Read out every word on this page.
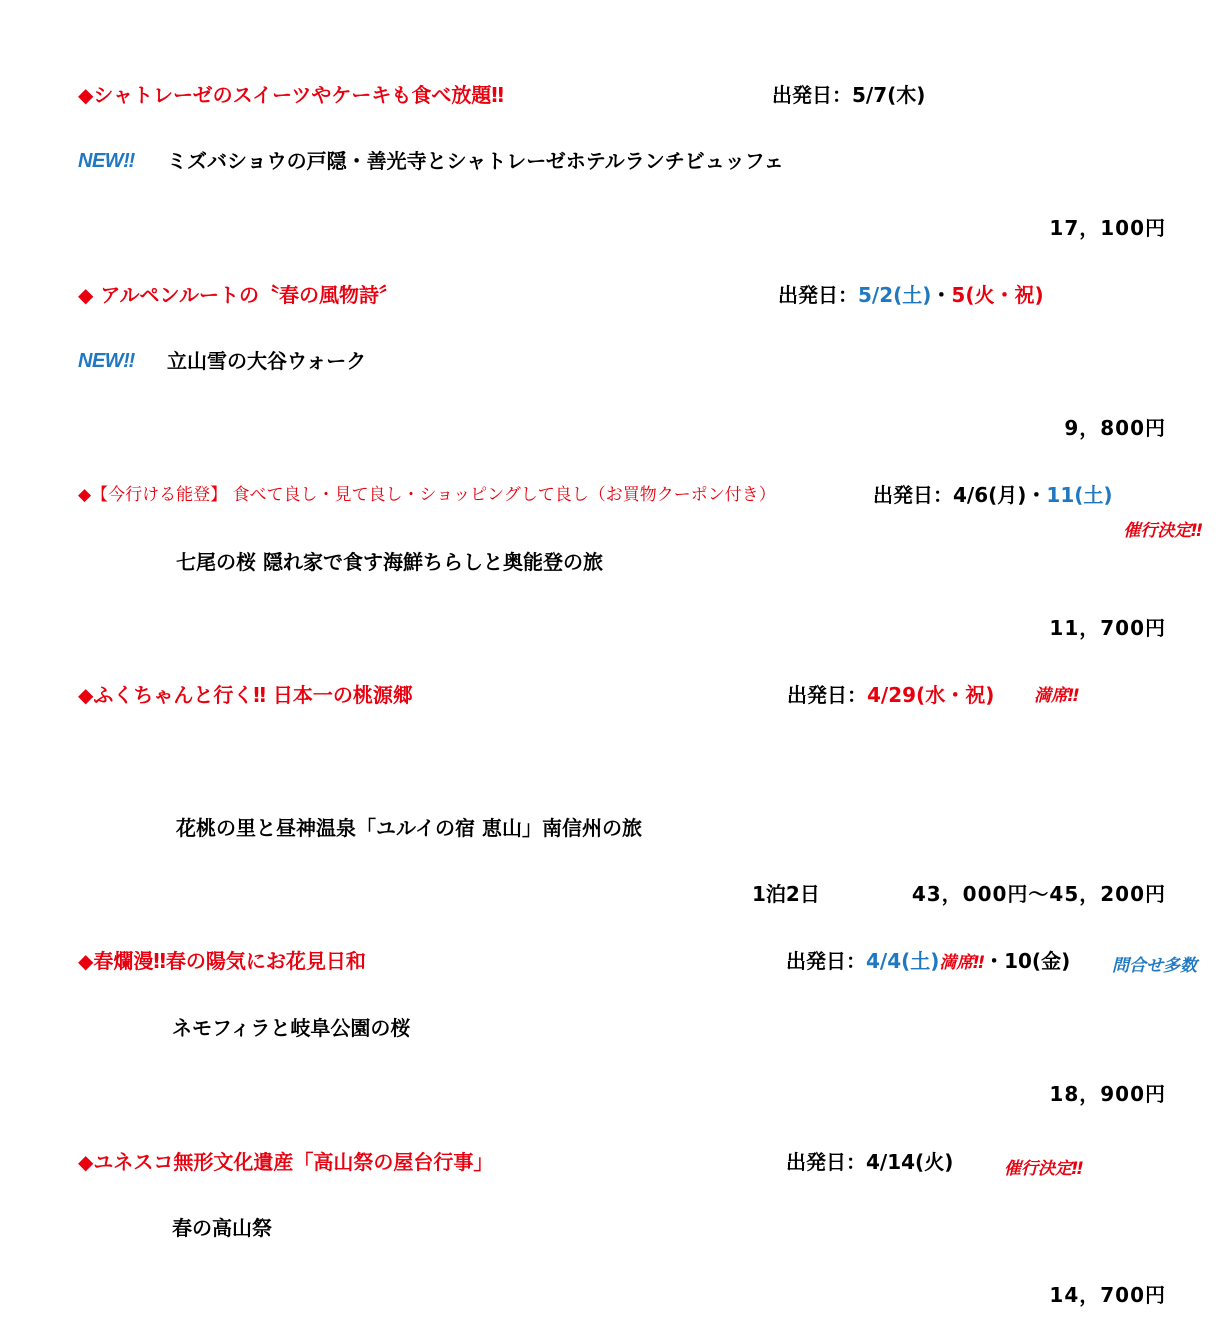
◆シャトレーゼのスイーツやケーキも食べ放題‼	出発日：5/7(木)
NEW‼ ミズバショウの戸隠・善光寺とシャトレーゼホテルランチビュッフェ
17，100円
◆ アルペンルートの〝春の風物詩〞	出発日：5/2(土)・5(火・祝)
NEW‼ 立山雪の大谷ウォーク
9，800円
◆【今行ける能登】 食べて良し・見て良し・ショッピングして良し（お買物クーポン付き）	出発日：4/6(月)・11(土)
催行決定‼
七尾の桜 隠れ家で食す海鮮ちらしと奥能登の旅
11，700円
◆ふくちゃんと行く‼ 日本一の桃源郷	出発日：4/29(水・祝) 満席‼
花桃の里と昼神温泉「ユルイの宿 恵山」南信州の旅
1泊2日	43，000円～45，200円
◆春爛漫‼春の陽気にお花見日和	出発日：4/4(土)満席‼・10(金) 問合せ多数
ネモフィラと岐阜公園の桜
18，900円
◆ユネスコ無形文化遺産「高山祭の屋台行事」	出発日：4/14(火)	催行決定‼
春の高山祭
14，700円
